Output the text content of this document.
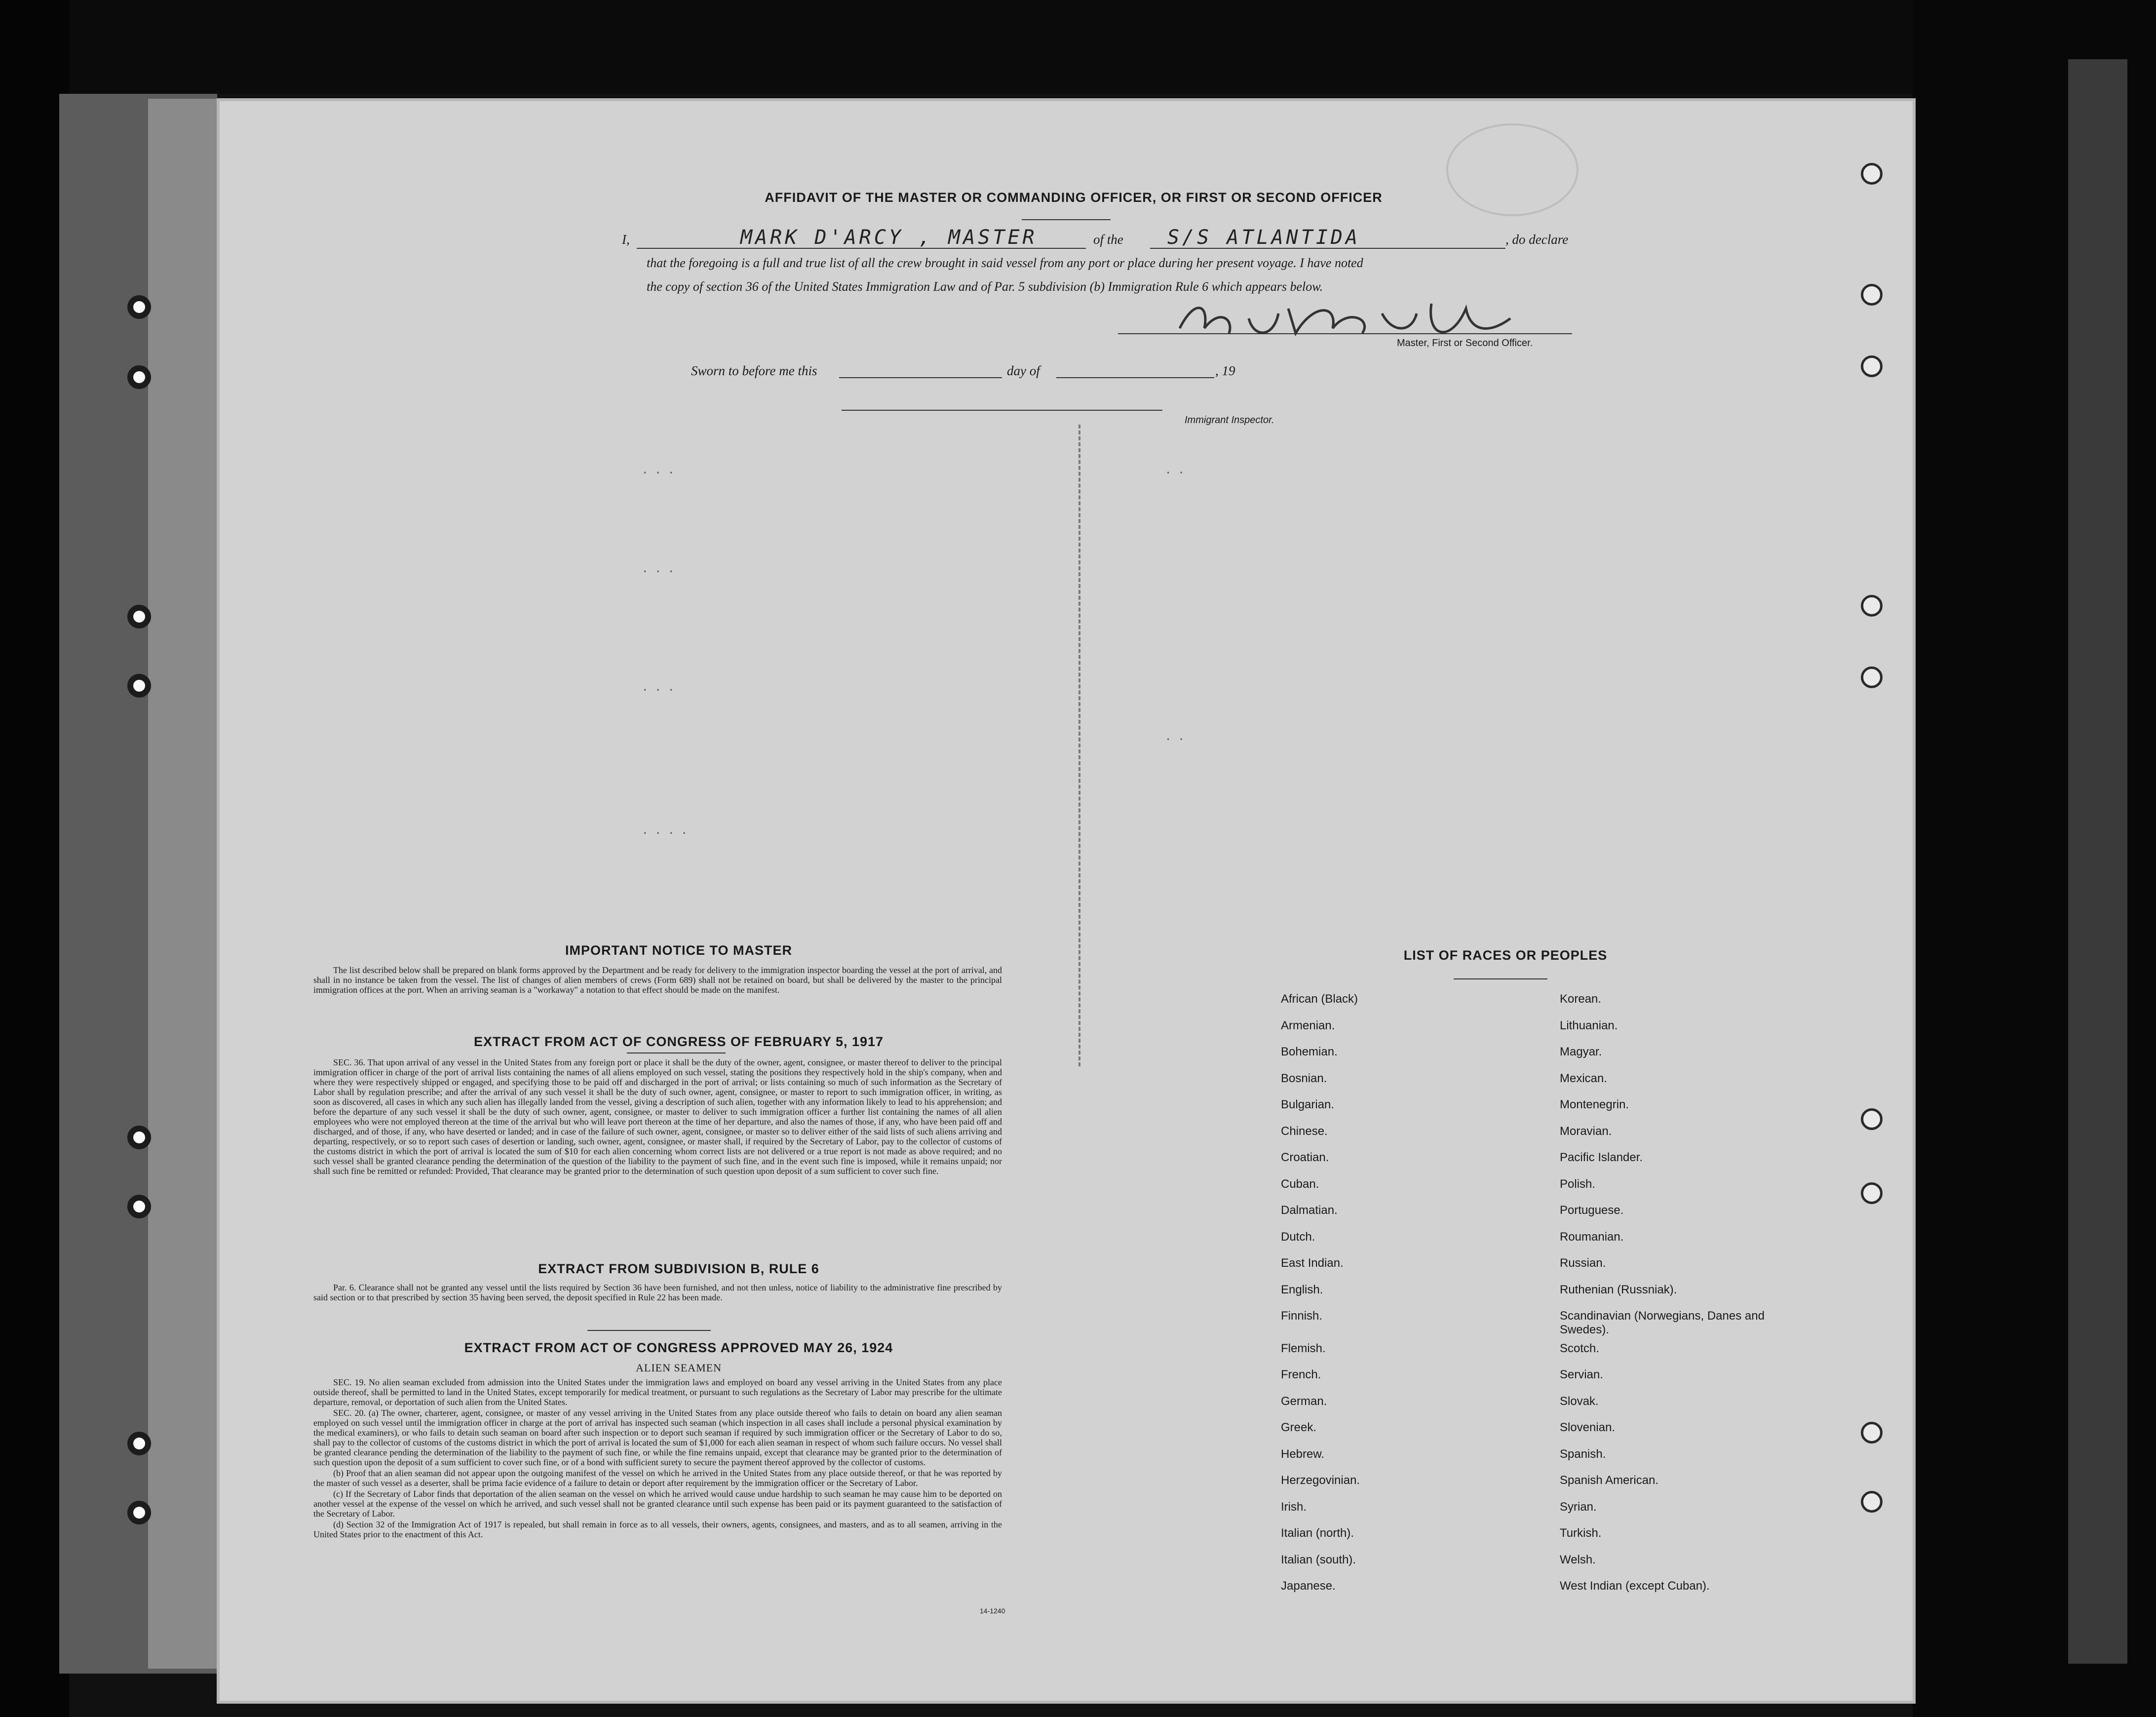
AFFIDAVIT OF THE MASTER OR COMMANDING OFFICER, OR FIRST OR SECOND OFFICER
I,	MARK D'ARCY , MASTER	of the S/S ATLANTIDA	, do declare
that the foregoing is a full and true list of all the crew brought in said vessel from any port or place during her present voyage. I have noted
the copy of section 36 of the United States Immigration Law and of Par. 5 subdivision (b) Immigration Rule 6 which appears below.
Master, First or Second Officer.
Sworn to before me this	day of	, 19
Immigrant Inspector.
. . .
. . .
. . .
. . . .
. .
. .
IMPORTANT NOTICE TO MASTER

The list described below shall be prepared on blank forms approved by the Department and be ready for delivery to the immigration inspector boarding the vessel at the port of arrival, and shall in no instance be taken from the vessel. The list of changes of alien members of crews (Form 689) shall not be retained on board, but shall be delivered by the master to the principal immigration offices at the port. When an arriving seaman is a "workaway" a notation to that effect should be made on the manifest.

EXTRACT FROM ACT OF CONGRESS OF FEBRUARY 5, 1917

SEC. 36. That upon arrival of any vessel in the United States from any foreign port or place it shall be the duty of the owner, agent, consignee, or master thereof to deliver to the principal immigration officer in charge of the port of arrival lists containing the names of all aliens employed on such vessel, stating the positions they respectively hold in the ship's company, when and where they were respectively shipped or engaged, and specifying those to be paid off and discharged in the port of arrival; or lists containing so much of such information as the Secretary of Labor shall by regulation prescribe; and after the arrival of any such vessel it shall be the duty of such owner, agent, consignee, or master to report to such immigration officer, in writing, as soon as discovered, all cases in which any such alien has illegally landed from the vessel, giving a description of such alien, together with any information likely to lead to his apprehension; and before the departure of any such vessel it shall be the duty of such owner, agent, consignee, or master to deliver to such immigration officer a further list containing the names of all alien employees who were not employed thereon at the time of the arrival but who will leave port thereon at the time of her departure, and also the names of those, if any, who have been paid off and discharged, and of those, if any, who have deserted or landed; and in case of the failure of such owner, agent, consignee, or master so to deliver either of the said lists of such aliens arriving and departing, respectively, or so to report such cases of desertion or landing, such owner, agent, consignee, or master shall, if required by the Secretary of Labor, pay to the collector of customs of the customs district in which the port of arrival is located the sum of $10 for each alien concerning whom correct lists are not delivered or a true report is not made as above required; and no such vessel shall be granted clearance pending the determination of the question of the liability to the payment of such fine, and in the event such fine is imposed, while it remains unpaid; nor shall such fine be remitted or refunded: Provided, That clearance may be granted prior to the determination of such question upon deposit of a sum sufficient to cover such fine.

EXTRACT FROM SUBDIVISION B, RULE 6

Par. 6. Clearance shall not be granted any vessel until the lists required by Section 36 have been furnished, and not then unless, notice of liability to the administrative fine prescribed by said section or to that prescribed by section 35 having been served, the deposit specified in Rule 22 has been made.

EXTRACT FROM ACT OF CONGRESS APPROVED MAY 26, 1924
ALIEN SEAMEN

SEC. 19. No alien seaman excluded from admission into the United States under the immigration laws and employed on board any vessel arriving in the United States from any place outside thereof, shall be permitted to land in the United States, except temporarily for medical treatment, or pursuant to such regulations as the Secretary of Labor may prescribe for the ultimate departure, removal, or deportation of such alien from the United States.

SEC. 20. (a) The owner, charterer, agent, consignee, or master of any vessel arriving in the United States from any place outside thereof who fails to detain on board any alien seaman employed on such vessel until the immigration officer in charge at the port of arrival has inspected such seaman (which inspection in all cases shall include a personal physical examination by the medical examiners), or who fails to detain such seaman on board after such inspection or to deport such seaman if required by such immigration officer or the Secretary of Labor to do so, shall pay to the collector of customs of the customs district in which the port of arrival is located the sum of $1,000 for each alien seaman in respect of whom such failure occurs. No vessel shall be granted clearance pending the determination of the liability to the payment of such fine, or while the fine remains unpaid, except that clearance may be granted prior to the determination of such question upon the deposit of a sum sufficient to cover such fine, or of a bond with sufficient surety to secure the payment thereof approved by the collector of customs.

(b) Proof that an alien seaman did not appear upon the outgoing manifest of the vessel on which he arrived in the United States from any place outside thereof, or that he was reported by the master of such vessel as a deserter, shall be prima facie evidence of a failure to detain or deport after requirement by the immigration officer or the Secretary of Labor.

(c) If the Secretary of Labor finds that deportation of the alien seaman on the vessel on which he arrived would cause undue hardship to such seaman he may cause him to be deported on another vessel at the expense of the vessel on which he arrived, and such vessel shall not be granted clearance until such expense has been paid or its payment guaranteed to the satisfaction of the Secretary of Labor.

(d) Section 32 of the Immigration Act of 1917 is repealed, but shall remain in force as to all vessels, their owners, agents, consignees, and masters, and as to all seamen, arriving in the United States prior to the enactment of this Act.

14-1240
LIST OF RACES OR PEOPLES
African (Black)
Armenian.
Bohemian.
Bosnian.
Bulgarian.
Chinese.
Croatian.
Cuban.
Dalmatian.
Dutch.
East Indian.
English.
Finnish.
Flemish.
French.
German.
Greek.
Hebrew.
Herzegovinian.
Irish.
Italian (north).
Italian (south).
Japanese.
Korean.
Lithuanian.
Magyar.
Mexican.
Montenegrin.
Moravian.
Pacific Islander.
Polish.
Portuguese.
Roumanian.
Russian.
Ruthenian (Russniak).
Scandinavian (Norwegians, Danes and Swedes).
Scotch.
Servian.
Slovak.
Slovenian.
Spanish.
Spanish American.
Syrian.
Turkish.
Welsh.
West Indian (except Cuban).
